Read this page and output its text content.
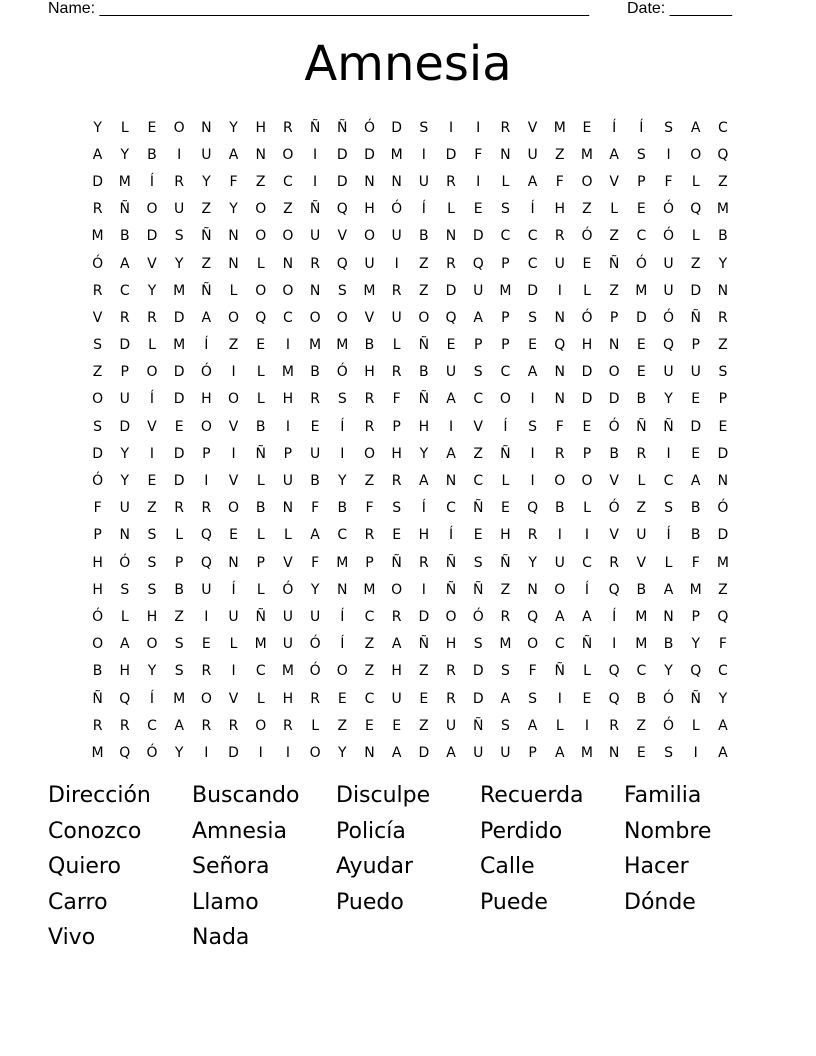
Name: _______________________________________________________ Date: _______
Amnesia
Y	L	E	O	N	Y	H	R	Ñ	Ñ	Ó	D	S	I	I	R	V	M	E	Í	Í	S	A	C
A	Y	B	I	U	A	N	O	I	D	D	M	I	D	F	N	U	Z	M	A	S	I	O	Q
D	M	Í	R	Y	F	Z	C	I	D	N	N	U	R	I	L	A	F	O	V	P	F	L	Z
R	Ñ	O	U	Z	Y	O	Z	Ñ	Q	H	Ó	Í	L	E	S	Í	H	Z	L	E	Ó	Q	M
M	B	D	S	Ñ	N	O	O	U	V	O	U	B	N	D	C	C	R	Ó	Z	C	Ó	L	B
Ó	A	V	Y	Z	N	L	N	R	Q	U	I	Z	R	Q	P	C	U	E	Ñ	Ó	U	Z	Y
R	C	Y	M	Ñ	L	O	O	N	S	M	R	Z	D	U	M	D	I	L	Z	M	U	D	N
V	R	R	D	A	O	Q	C	O	O	V	U	O	Q	A	P	S	N	Ó	P	D	Ó	Ñ	R
S	D	L	M	Í	Z	E	I	M	M	B	L	Ñ	E	P	P	E	Q	H	N	E	Q	P	Z
Z	P	O	D	Ó	I	L	M	B	Ó	H	R	B	U	S	C	A	N	D	O	E	U	U	S
O	U	Í	D	H	O	L	H	R	S	R	F	Ñ	A	C	O	I	N	D	D	B	Y	E	P
S	D	V	E	O	V	B	I	E	Í	R	P	H	I	V	Í	S	F	E	Ó	Ñ	Ñ	D	E
D	Y	I	D	P	I	Ñ	P	U	I	O	H	Y	A	Z	Ñ	I	R	P	B	R	I	E	D
Ó	Y	E	D	I	V	L	U	B	Y	Z	R	A	N	C	L	I	O	O	V	L	C	A	N
F	U	Z	R	R	O	B	N	F	B	F	S	Í	C	Ñ	E	Q	B	L	Ó	Z	S	B	Ó
P	N	S	L	Q	E	L	L	A	C	R	E	H	Í	E	H	R	I	I	V	U	Í	B	D
H	Ó	S	P	Q	N	P	V	F	M	P	Ñ	R	Ñ	S	Ñ	Y	U	C	R	V	L	F	M
H	S	S	B	U	Í	L	Ó	Y	N	M	O	I	Ñ	Ñ	Z	N	O	Í	Q	B	A	M	Z
Ó	L	H	Z	I	U	Ñ	U	U	Í	C	R	D	O	Ó	R	Q	A	A	Í	M	N	P	Q
O	A	O	S	E	L	M	U	Ó	Í	Z	A	Ñ	H	S	M	O	C	Ñ	I	M	B	Y	F
B	H	Y	S	R	I	C	M	Ó	O	Z	H	Z	R	D	S	F	Ñ	L	Q	C	Y	Q	C
Ñ	Q	Í	M	O	V	L	H	R	E	C	U	E	R	D	A	S	I	E	Q	B	Ó	Ñ	Y
R	R	C	A	R	R	O	R	L	Z	E	E	Z	U	Ñ	S	A	L	I	R	Z	Ó	L	A
M	Q	Ó	Y	I	D	I	I	O	Y	N	A	D	A	U	U	P	A	M	N	E	S	I	A
Dirección	Buscando	Disculpe	Recuerda	Familia
Conozco	Amnesia	Policía	Perdido	Nombre
Quiero	Señora	Ayudar	Calle	Hacer
Carro	Llamo	Puedo	Puede	Dónde
Vivo	Nada
